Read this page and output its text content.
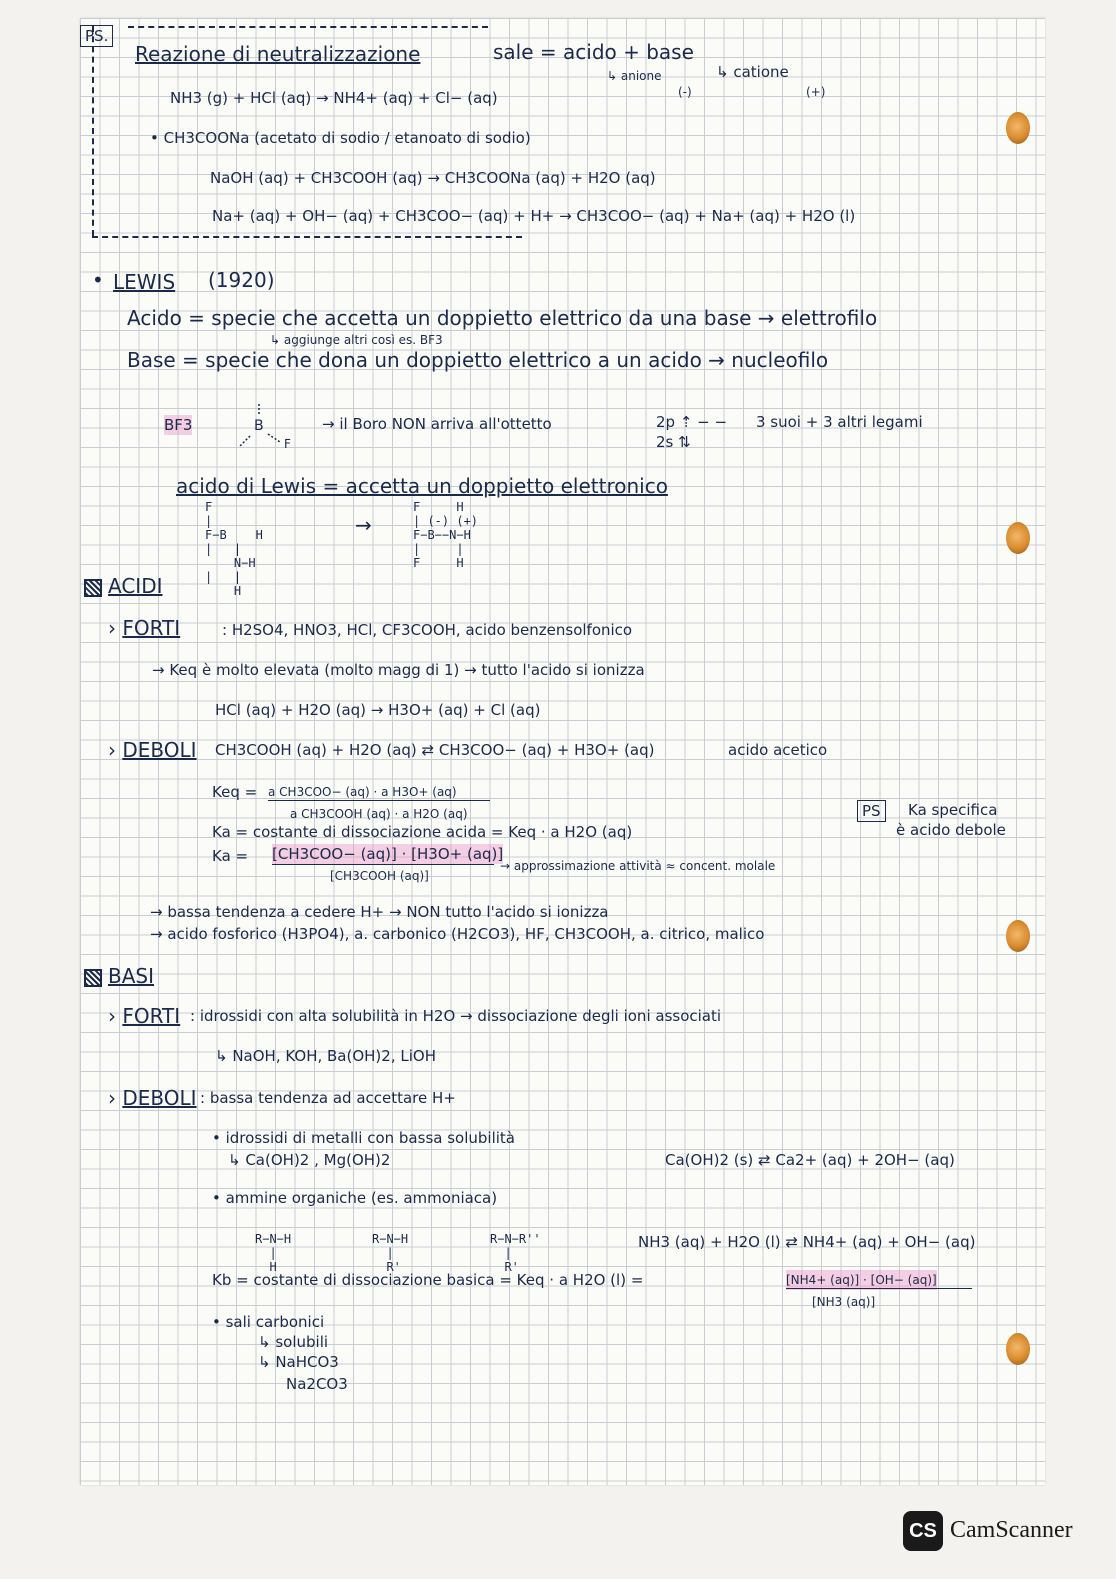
PS.
Reazione di neutralizzazione	sale = acido + base
↳ anione
(-)
↳ catione
(+)
NH3 (g) + HCl (aq) → NH4+ (aq) + Cl− (aq)
• CH3COONa (acetato di sodio / etanoato di sodio)
NaOH (aq) + CH3COOH (aq) → CH3COONa (aq) + H2O (aq)
Na+ (aq) + OH− (aq) + CH3COO− (aq) + H+ → CH3COO− (aq) + Na+ (aq) + H2O (l)
• LEWIS (1920)
Acido = specie che accetta un doppietto elettrico da una base → elettrofilo
↳ aggiunge altri così es. BF3
Base = specie che dona un doppietto elettrico a un acido → nucleofilo
BF3	B
F
→ il Boro NON arriva all'ottetto	2p ⇡ − −
2s ⇅
3 suoi + 3 altri legami
acido di Lewis = accetta un doppietto elettronico
F
|
F−B    H
|   |
N−H
|   |
H
→
F     H
| (-) (+)
F−B−−N−H
|     |
F     H
ACIDI
› FORTI	: H2SO4, HNO3, HCl, CF3COOH, acido benzensolfonico
→ Keq è molto elevata (molto magg di 1) → tutto l'acido si ionizza
HCl (aq) + H2O (aq) → H3O+ (aq) + Cl (aq)
› DEBOLI CH3COOH (aq) + H2O (aq) ⇄ CH3COO− (aq) + H3O+ (aq)	acido acetico
Keq = a CH3COO− (aq) · a H3O+ (aq)
a CH3COOH (aq) · a H2O (aq)
Ka = costante di dissociazione acida = Keq · a H2O (aq)
Ka = [CH3COO− (aq)] · [H3O+ (aq)]
[CH3COOH (aq)]
→ approssimazione attività ≈ concent. molale
PS	Ka specifica
è acido debole
→ bassa tendenza a cedere H+ → NON tutto l'acido si ionizza
→ acido fosforico (H3PO4), a. carbonico (H2CO3), HF, CH3COOH, a. citrico, malico
BASI
› FORTI : idrossidi con alta solubilità in H2O → dissociazione degli ioni associati
↳ NaOH, KOH, Ba(OH)2, LiOH
› DEBOLI : bassa tendenza ad accettare H+
• idrossidi di metalli con bassa solubilità
↳ Ca(OH)2 , Mg(OH)2	Ca(OH)2 (s) ⇄ Ca2+ (aq) + 2OH− (aq)
• ammine organiche (es. ammoniaca)
R−N−H
|
H
R−N−H
|
R'
R−N−R''
|
R'
NH3 (aq) + H2O (l) ⇄ NH4+ (aq) + OH− (aq)
Kb = costante di dissociazione basica = Keq · a H2O (l) =	[NH4+ (aq)] · [OH− (aq)]
[NH3 (aq)]
• sali carbonici
↳ solubili
↳ NaHCO3
Na2CO3
CS CamScanner
